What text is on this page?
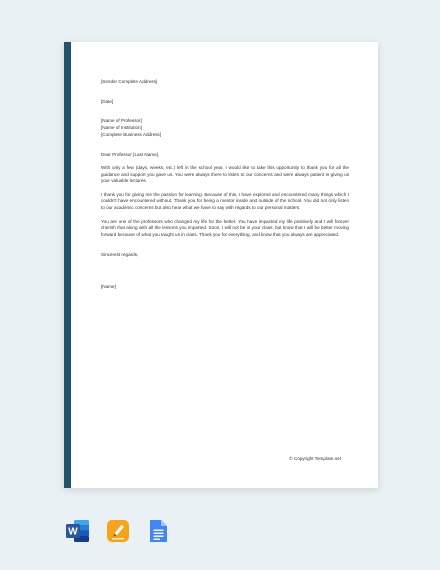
[Sender Complete Address]

[Date]

[Name of Professor]
[Name of Institution]
[Complete Business Address]

Dear Professor [Last Name],

With only a few (days, weeks, etc.) left in the school year, I would like to take this opportunity to thank you for all the guidance and support you gave us. You were always there to listen to our concerns and were always patient in giving us your valuable lectures.

I thank you for giving me the passion for learning. Because of this, I have explored and encountered many things which I couldn't have encountered without. Thank you for being a mentor inside and outside of the school. You did not only listen to our academic concerns but also hear what we have to say with regards to our personal matters.

You are one of the professors who changed my life for the better. You have impacted my life positively and I will forever cherish that along with all the lessons you imparted. Soon, I will not be in your class, but know that I will be better moving forward because of what you taught us in class. Thank you for everything, and know that you always are appreciated.

Sincerest regards,

[Name]

© Copyright Template.net
W
